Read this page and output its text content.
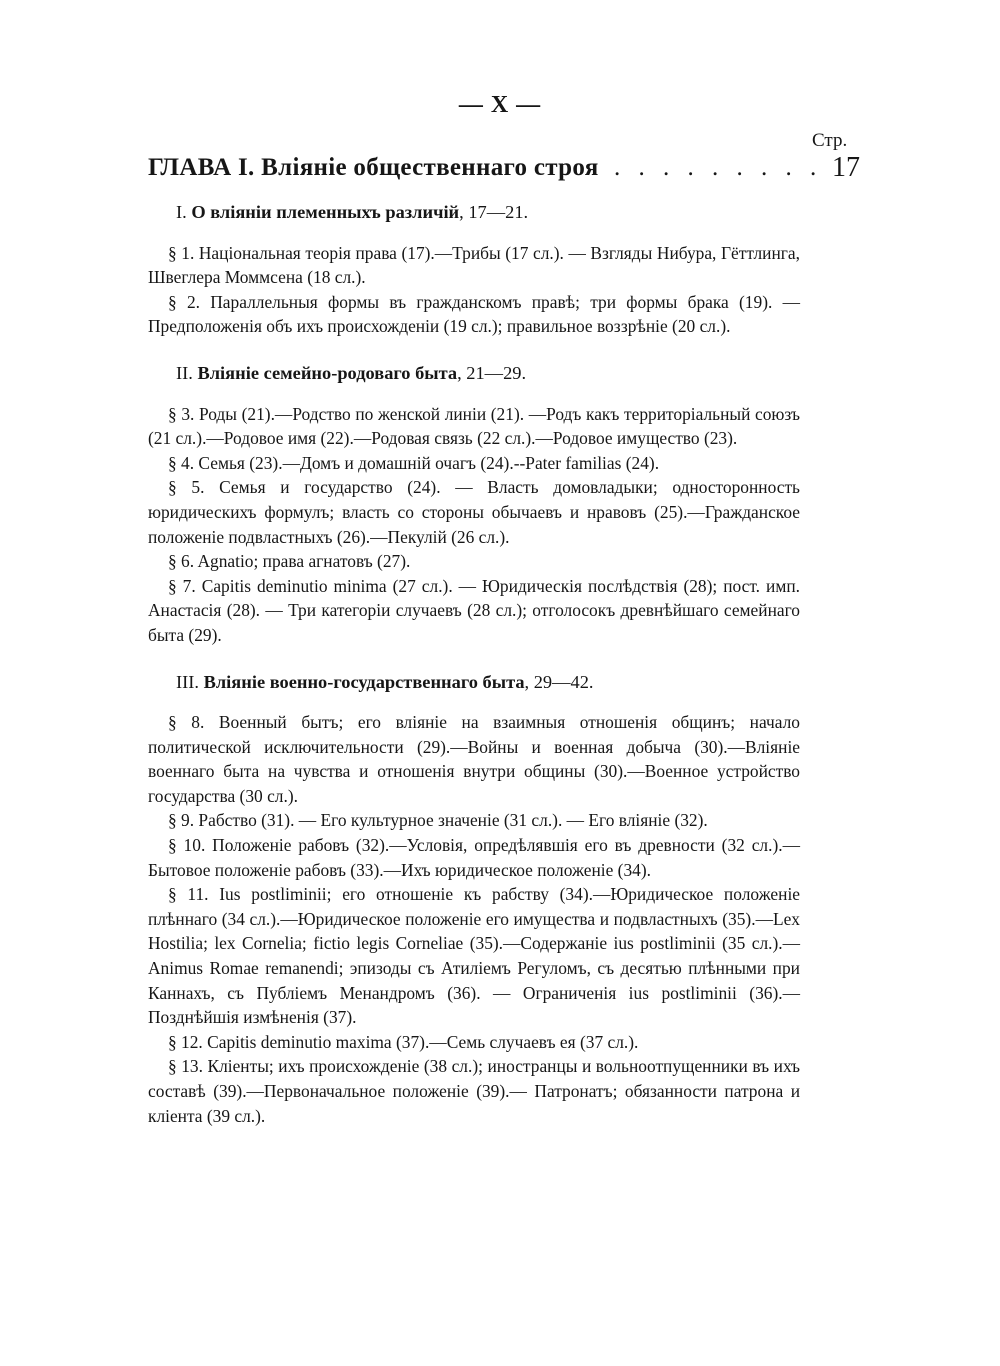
— X —
Стр.
ГЛАВА I. Вліяніе общественнаго строя . . . . . . . . . 17
I. О вліяніи племенныхъ различій, 17—21.

§ 1. Національная теорія права (17).—Трибы (17 сл.). — Взгляды Нибура, Гёттлинга, Швеглера Моммсена (18 сл.).

§ 2. Параллельныя формы въ гражданскомъ правѣ; три формы брака (19). — Предположенія объ ихъ происхожденіи (19 сл.); правильное воззрѣніе (20 сл.).

II. Вліяніе семейно-родоваго быта, 21—29.

§ 3. Роды (21).—Родство по женской линіи (21). —Родъ какъ территоріальный союзъ (21 сл.).—Родовое имя (22).—Родовая связь (22 сл.).—Родовое имущество (23).

§ 4. Семья (23).—Домъ и домашній очагъ (24).--Pater familias (24).

§ 5. Семья и государство (24). — Власть домовладыки; односторонность юридическихъ формулъ; власть со стороны обычаевъ и нравовъ (25).—Гражданское положеніе подвластныхъ (26).—Пекулій (26 сл.).

§ 6. Agnatio; права агнатовъ (27).

§ 7. Capitis deminutio minima (27 сл.). — Юридическія послѣдствія (28); пост. имп. Анастасія (28). — Три категоріи случаевъ (28 сл.); отголосокъ древнѣйшаго семейнаго быта (29).

III. Вліяніе военно-государственнаго быта, 29—42.

§ 8. Военный бытъ; его вліяніе на взаимныя отношенія общинъ; начало политической исключительности (29).—Войны и военная добыча (30).—Вліяніе военнаго быта на чувства и отношенія внутри общины (30).—Военное устройство государства (30 сл.).

§ 9. Рабство (31). — Его культурное значеніе (31 сл.). — Его вліяніе (32).

§ 10. Положеніе рабовъ (32).—Условія, опредѣлявшія его въ древности (32 сл.).—Бытовое положеніе рабовъ (33).—Ихъ юридическое положеніе (34).

§ 11. Ius postliminii; его отношеніе къ рабству (34).—Юридическое положеніе плѣннаго (34 сл.).—Юридическое положеніе его имущества и подвластныхъ (35).—Lex Hostilia; lex Cornelia; fictio legis Corneliae (35).—Содержаніе ius postliminii (35 сл.).—Animus Romae remanendi; эпизоды съ Атиліемъ Регуломъ, съ десятью плѣнными при Каннахъ, съ Публіемъ Менандромъ (36). — Ограниченія ius postliminii (36).— Позднѣйшія измѣненія (37).

§ 12. Capitis deminutio maxima (37).—Семь случаевъ ея (37 сл.).

§ 13. Кліенты; ихъ происхожденіе (38 сл.); иностранцы и вольноотпущенники въ ихъ составѣ (39).—Первоначальное положеніе (39).— Патронатъ; обязанности патрона и кліента (39 сл.).
